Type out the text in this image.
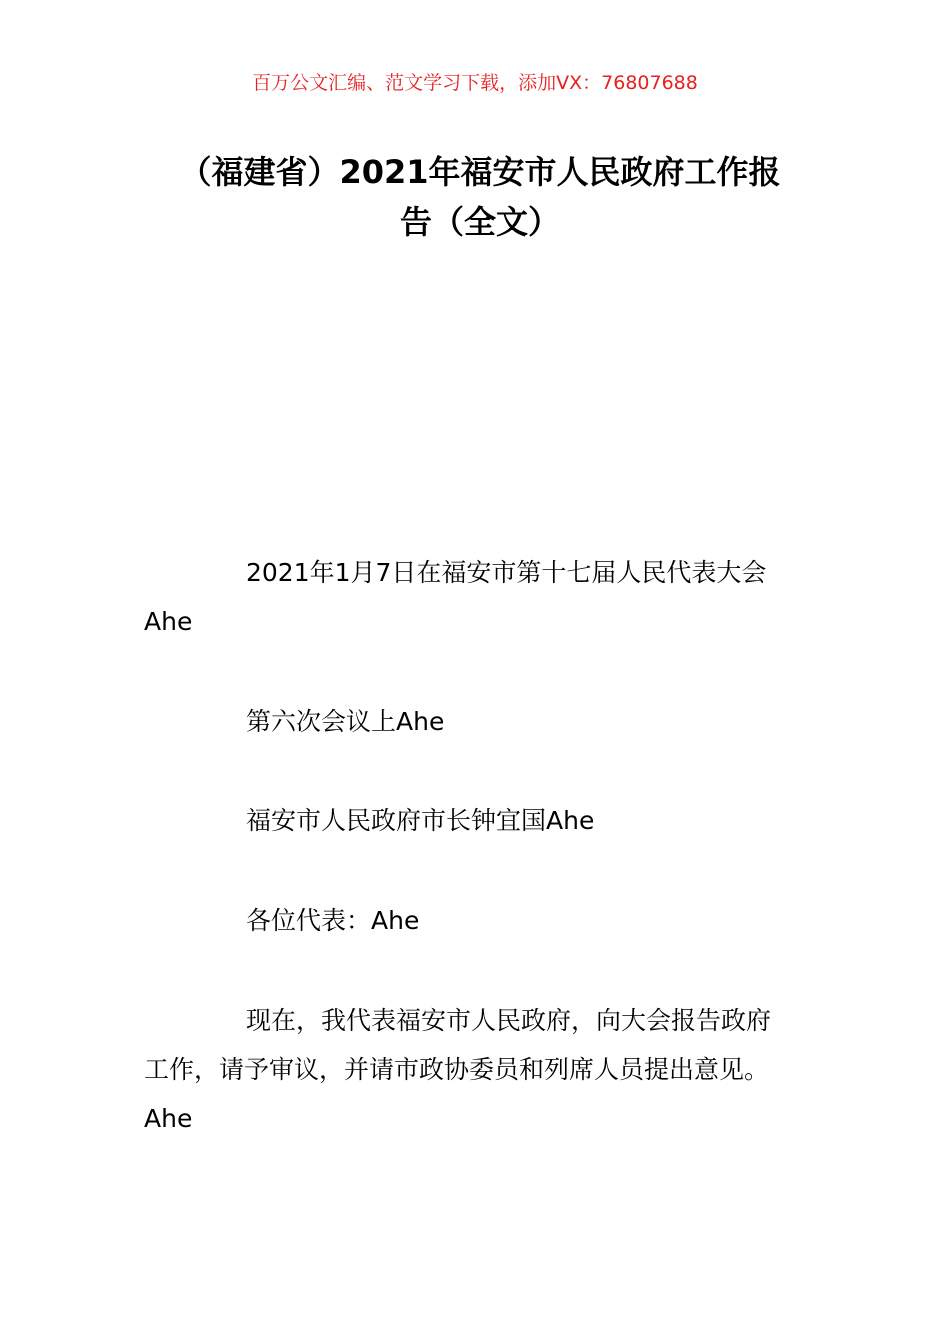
百万公文汇编、范文学习下载，添加VX：76807688
（福建省）2021年福安市人民政府工作报
告（全文）
2021年1月7日在福安市第十七届人民代表大会
Ahe
第六次会议上Ahe
福安市人民政府市长钟宜国Ahe
各位代表：Ahe
现在，我代表福安市人民政府，向大会报告政府
工作，请予审议，并请市政协委员和列席人员提出意见。
Ahe
